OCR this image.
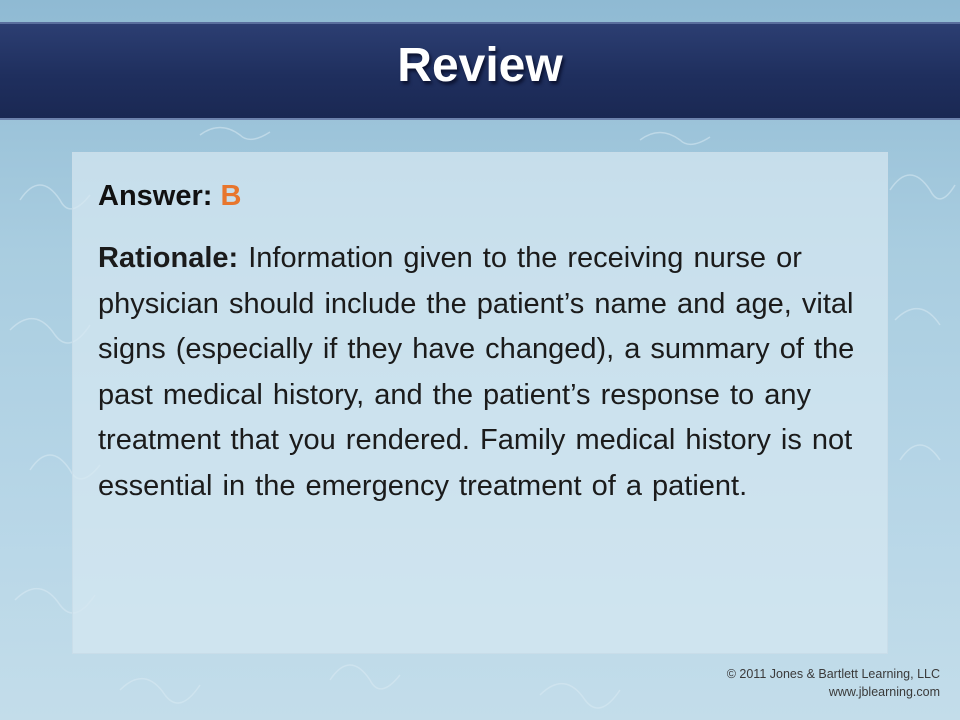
Review

Answer: B

Rationale: Information given to the receiving nurse or physician should include the patient’s name and age, vital signs (especially if they have changed), a summary of the past medical history, and the patient’s response to any treatment that you rendered. Family medical history is not essential in the emergency treatment of a patient.

© 2011 Jones & Bartlett Learning, LLC
www.jblearning.com
